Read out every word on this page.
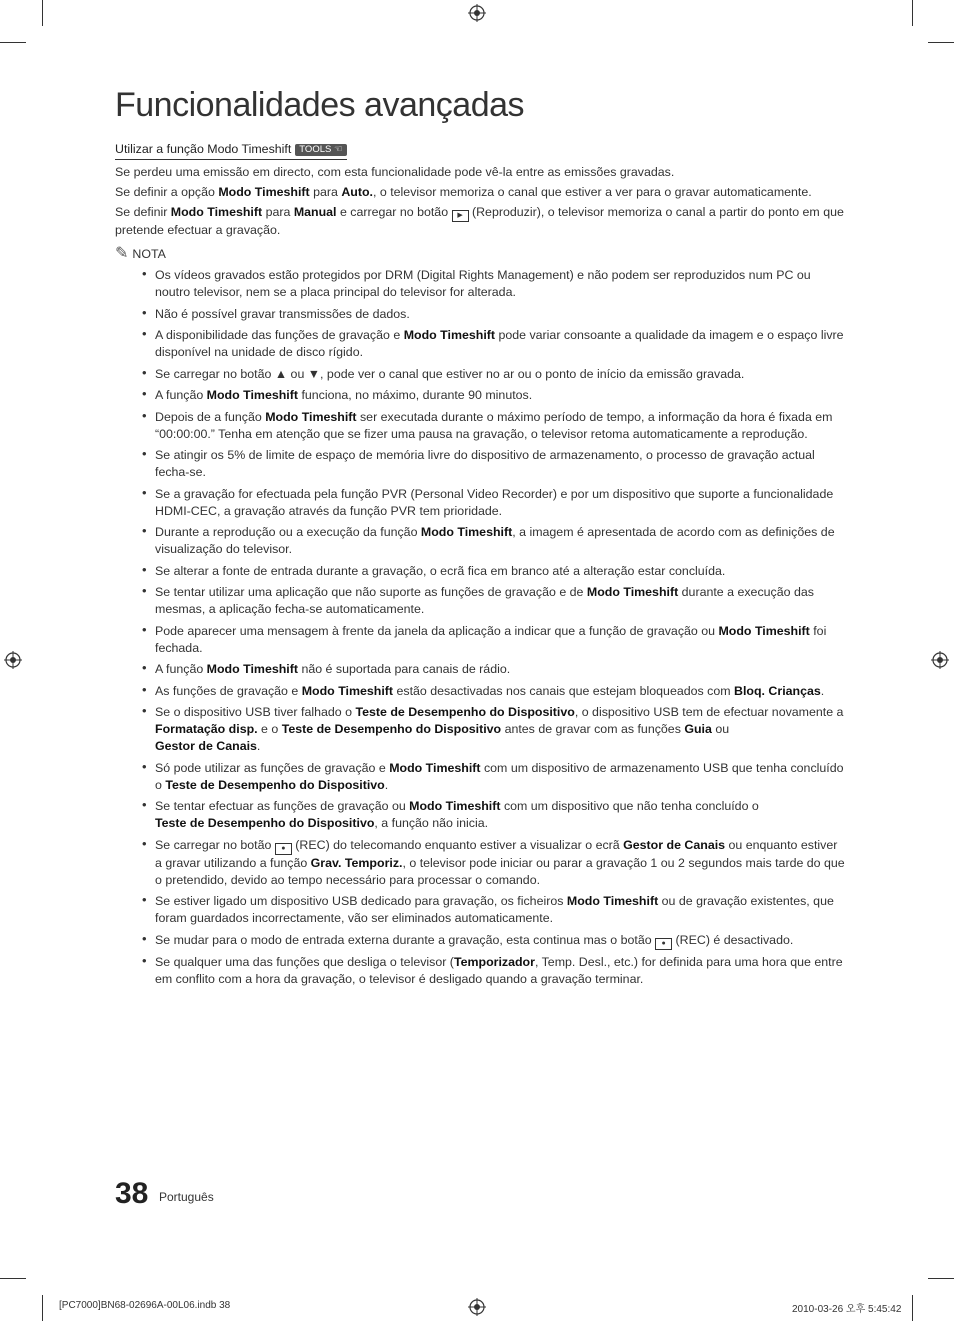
Funcionalidades avançadas
Utilizar a função Modo Timeshift TOOLS ☜

Se perdeu uma emissão em directo, com esta funcionalidade pode vê-la entre as emissões gravadas.

Se definir a opção Modo Timeshift para Auto., o televisor memoriza o canal que estiver a ver para o gravar automaticamente.

Se definir Modo Timeshift para Manual e carregar no botão ▶ (Reproduzir), o televisor memoriza o canal a partir do ponto em que pretende efectuar a gravação.

✎ NOTA
• Os vídeos gravados estão protegidos por DRM (Digital Rights Management) e não podem ser reproduzidos num PC ou noutro televisor, nem se a placa principal do televisor for alterada.
• Não é possível gravar transmissões de dados.
• A disponibilidade das funções de gravação e Modo Timeshift pode variar consoante a qualidade da imagem e o espaço livre disponível na unidade de disco rígido.
• Se carregar no botão ▲ ou ▼, pode ver o canal que estiver no ar ou o ponto de início da emissão gravada.
• A função Modo Timeshift funciona, no máximo, durante 90 minutos.
• Depois de a função Modo Timeshift ser executada durante o máximo período de tempo, a informação da hora é fixada em “00:00:00.” Tenha em atenção que se fizer uma pausa na gravação, o televisor retoma automaticamente a reprodução.
• Se atingir os 5% de limite de espaço de memória livre do dispositivo de armazenamento, o processo de gravação actual fecha-se.
• Se a gravação for efectuada pela função PVR (Personal Video Recorder) e por um dispositivo que suporte a funcionalidade HDMI-CEC, a gravação através da função PVR tem prioridade.
• Durante a reprodução ou a execução da função Modo Timeshift, a imagem é apresentada de acordo com as definições de visualização do televisor.
• Se alterar a fonte de entrada durante a gravação, o ecrã fica em branco até a alteração estar concluída.
• Se tentar utilizar uma aplicação que não suporte as funções de gravação e de Modo Timeshift durante a execução das mesmas, a aplicação fecha-se automaticamente.
• Pode aparecer uma mensagem à frente da janela da aplicação a indicar que a função de gravação ou Modo Timeshift foi fechada.
• A função Modo Timeshift não é suportada para canais de rádio.
• As funções de gravação e Modo Timeshift estão desactivadas nos canais que estejam bloqueados com Bloq. Crianças.
• Se o dispositivo USB tiver falhado o Teste de Desempenho do Dispositivo, o dispositivo USB tem de efectuar novamente a Formatação disp. e o Teste de Desempenho do Dispositivo antes de gravar com as funções Guia ou
Gestor de Canais.
• Só pode utilizar as funções de gravação e Modo Timeshift com um dispositivo de armazenamento USB que tenha concluído o Teste de Desempenho do Dispositivo.
• Se tentar efectuar as funções de gravação ou Modo Timeshift com um dispositivo que não tenha concluído o
Teste de Desempenho do Dispositivo, a função não inicia.
• Se carregar no botão ● (REC) do telecomando enquanto estiver a visualizar o ecrã Gestor de Canais ou enquanto estiver a gravar utilizando a função Grav. Temporiz., o televisor pode iniciar ou parar a gravação 1 ou 2 segundos mais tarde do que o pretendido, devido ao tempo necessário para processar o comando.
• Se estiver ligado um dispositivo USB dedicado para gravação, os ficheiros Modo Timeshift ou de gravação existentes, que foram guardados incorrectamente, vão ser eliminados automaticamente.
• Se mudar para o modo de entrada externa durante a gravação, esta continua mas o botão ● (REC) é desactivado.
• Se qualquer uma das funções que desliga o televisor (Temporizador, Temp. Desl., etc.) for definida para uma hora que entre em conflito com a hora da gravação, o televisor é desligado quando a gravação terminar.
38 Português
[PC7000]BN68-02696A-00L06.indb 38	2010-03-26 오후 5:45:42
